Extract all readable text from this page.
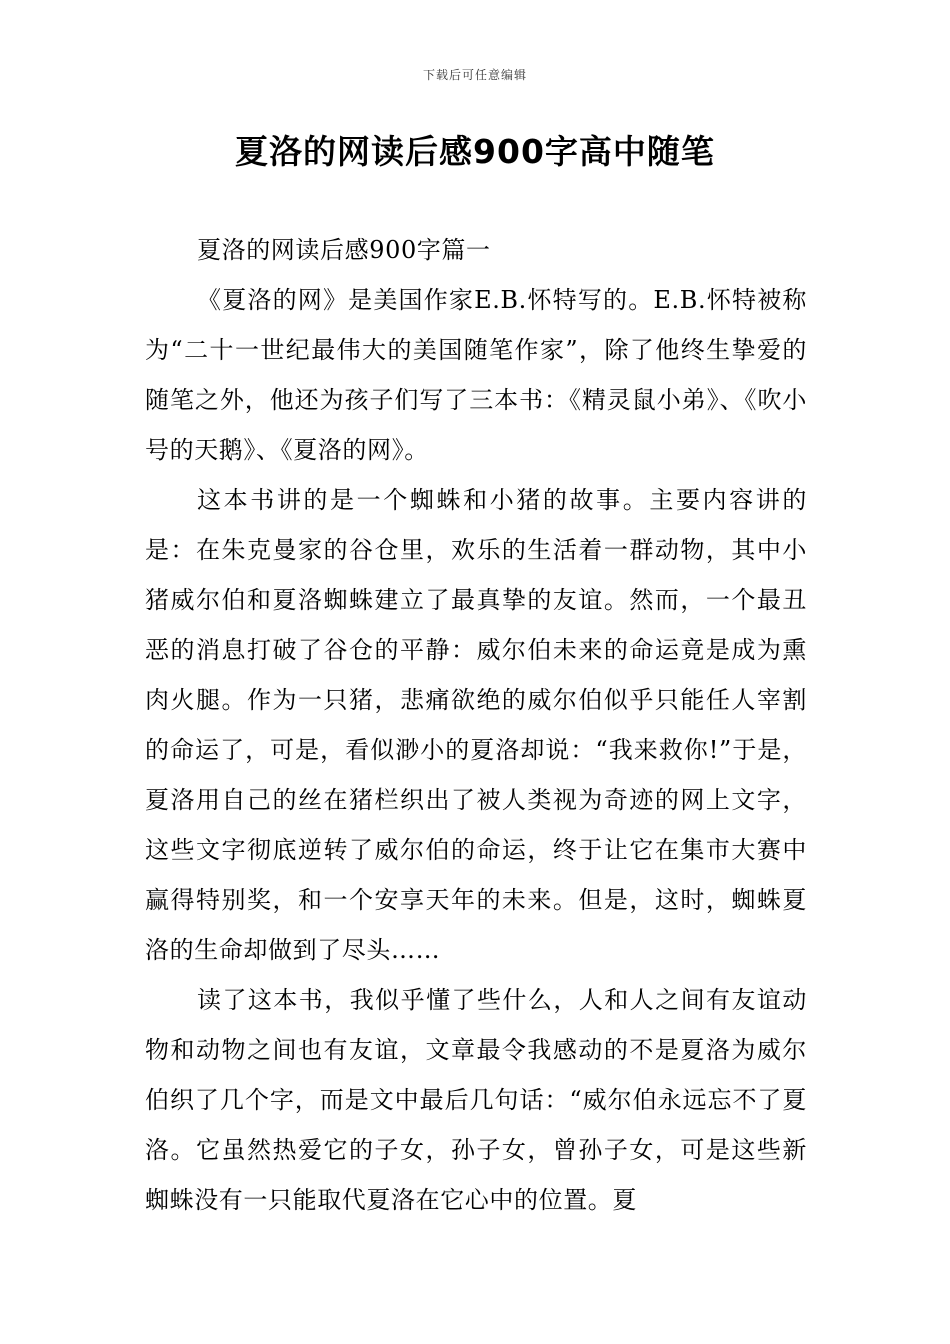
下载后可任意编辑
夏洛的网读后感900字高中随笔

夏洛的网读后感900字篇一

《夏洛的网》是美国作家E.B.怀特写的。E.B.怀特被称为“二十一世纪最伟大的美国随笔作家”，除了他终生挚爱的随笔之外，他还为孩子们写了三本书：《精灵鼠小弟》、《吹小号的天鹅》、《夏洛的网》。

这本书讲的是一个蜘蛛和小猪的故事。主要内容讲的是：在朱克曼家的谷仓里，欢乐的生活着一群动物，其中小猪威尔伯和夏洛蜘蛛建立了最真挚的友谊。然而，一个最丑恶的消息打破了谷仓的平静：威尔伯未来的命运竟是成为熏肉火腿。作为一只猪，悲痛欲绝的威尔伯似乎只能任人宰割的命运了，可是，看似渺小的夏洛却说：“我来救你!”于是，夏洛用自己的丝在猪栏织出了被人类视为奇迹的网上文字，这些文字彻底逆转了威尔伯的命运，终于让它在集市大赛中赢得特别奖，和一个安享天年的未来。但是，这时，蜘蛛夏洛的生命却做到了尽头……

读了这本书，我似乎懂了些什么，人和人之间有友谊动物和动物之间也有友谊，文章最令我感动的不是夏洛为威尔伯织了几个字，而是文中最后几句话：“威尔伯永远忘不了夏洛。它虽然热爱它的子女，孙子女，曾孙子女，可是这些新蜘蛛没有一只能取代夏洛在它心中的位置。夏
